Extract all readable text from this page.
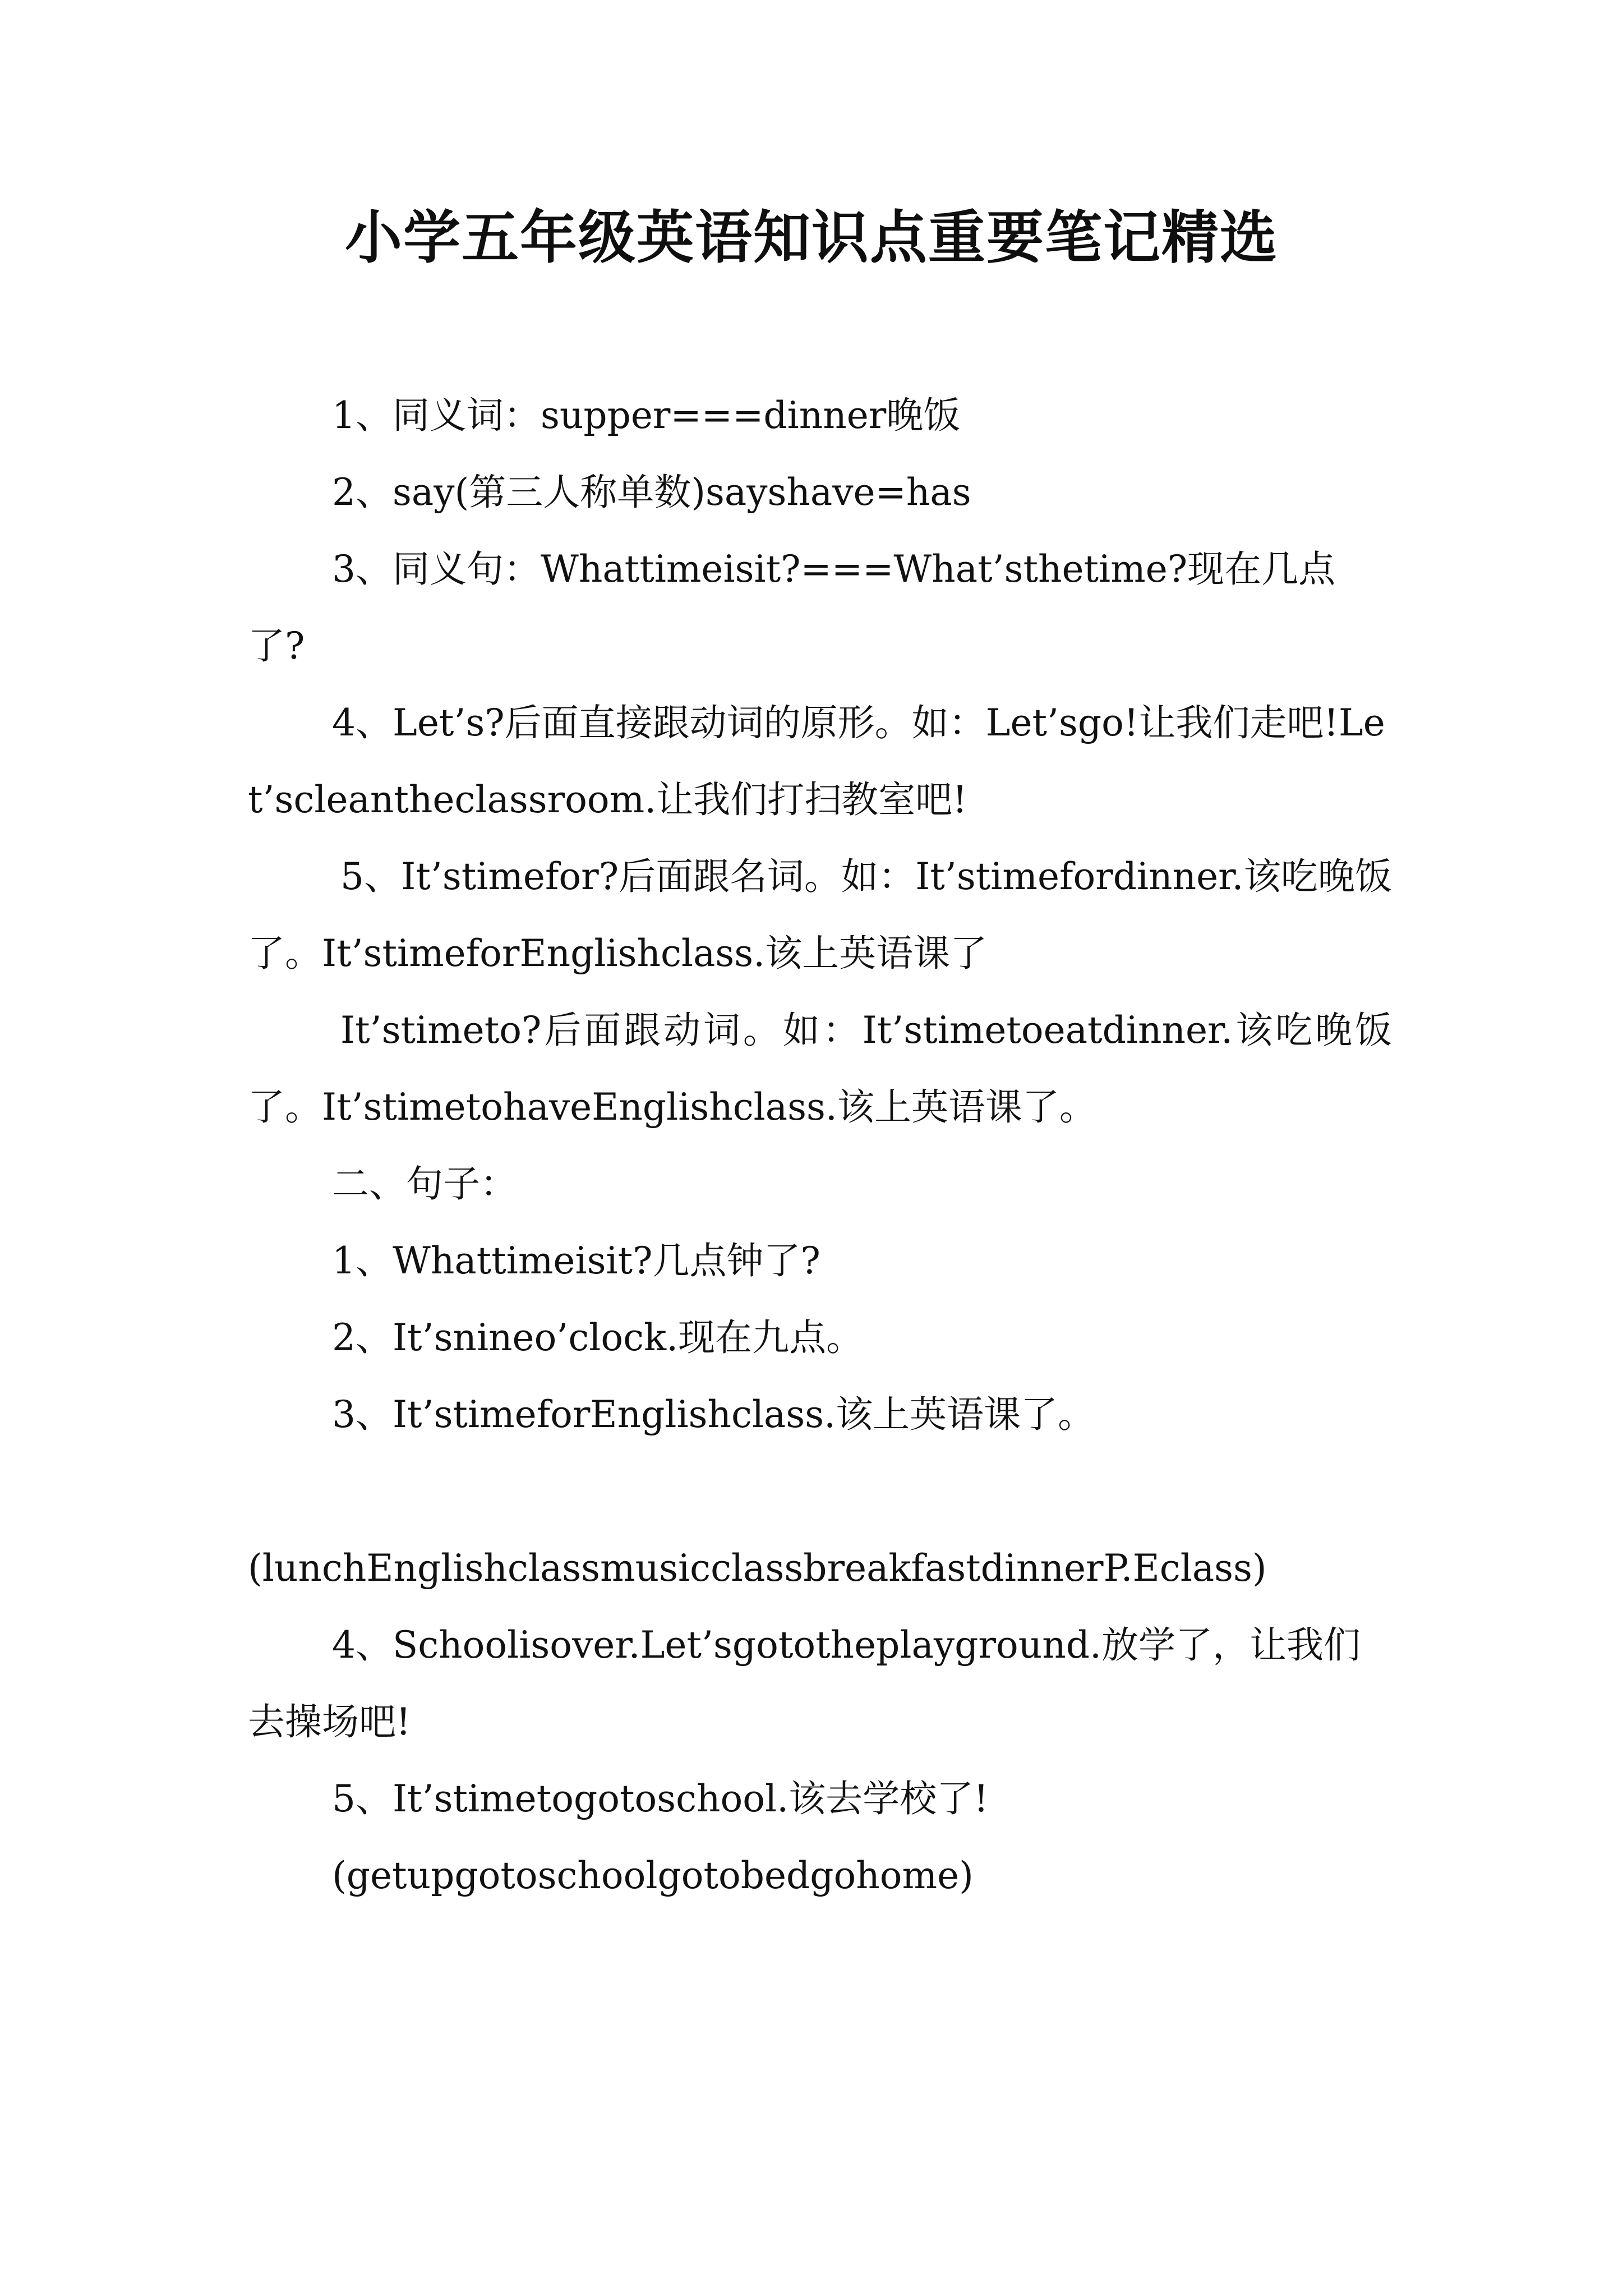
小学五年级英语知识点重要笔记精选

1、同义词：supper===dinner晚饭

2、say(第三人称单数)sayshave=has

3、同义句：Whattimeisit?===What’sthetime?现在几点了?

4、Let’s?后面直接跟动词的原形。如：Let’sgo!让我们走吧!Let’scleantheclassroom.让我们打扫教室吧!

5、It’stimefor?后面跟名词。如：It’stimefordinner.该吃晚饭了。It’stimeforEnglishclass.该上英语课了

It’stimeto?后面跟动词。如：It’stimetoeatdinner.该吃晚饭了。It’stimetohaveEnglishclass.该上英语课了。

二、句子：

1、Whattimeisit?几点钟了?

2、It’snineo’clock.现在九点。

3、It’stimeforEnglishclass.该上英语课了。

(lunchEnglishclassmusicclassbreakfastdinnerP.Eclass)

4、Schoolisover.Let’sgototheplayground.放学了，让我们去操场吧!

5、It’stimetogotoschool.该去学校了!

(getupgotoschoolgotobedgohome)
